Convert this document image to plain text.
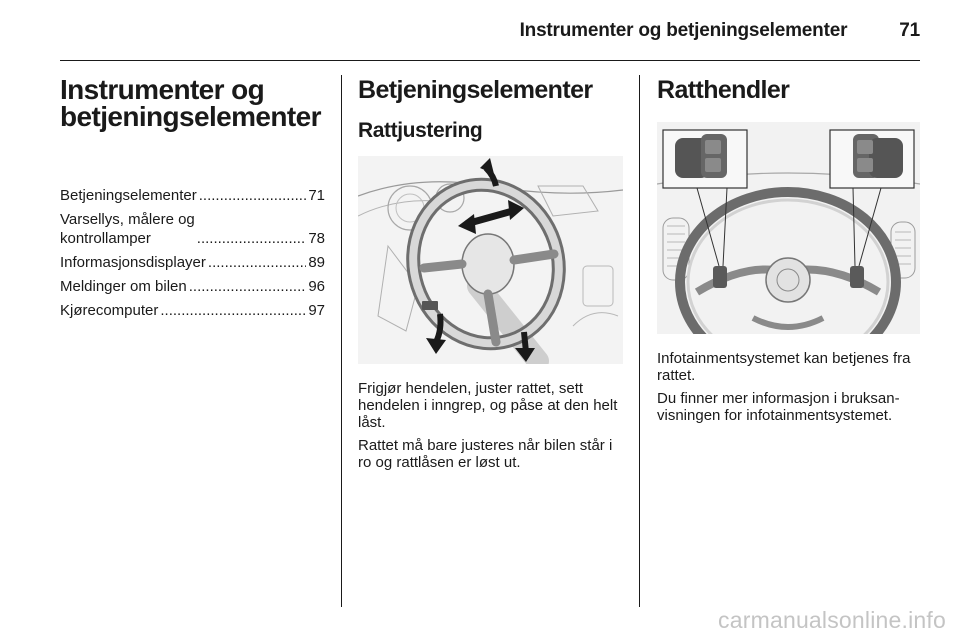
Instrumenter og betjeningselementer	71
Instrumenter og betjeningselementer
Betjeningselementer .....	71
Varsellys, målere og
kontrollamper .....	78
Informasjonsdisplayer .....	89
Meldinger om bilen .....	96
Kjørecomputer .....	97
Betjeningselementer
Rattjustering

Frigjør hendelen, juster rattet, sett hendelen i inngrep, og påse at den helt låst.

Rattet må bare justeres når bilen står i ro og rattlåsen er løst ut.

Ratthendler

Infotainmentsystemet kan betjenes fra rattet.

Du finner mer informasjon i bruksanvisningen for infotainmentsystemet.

carmanualsonline.info
